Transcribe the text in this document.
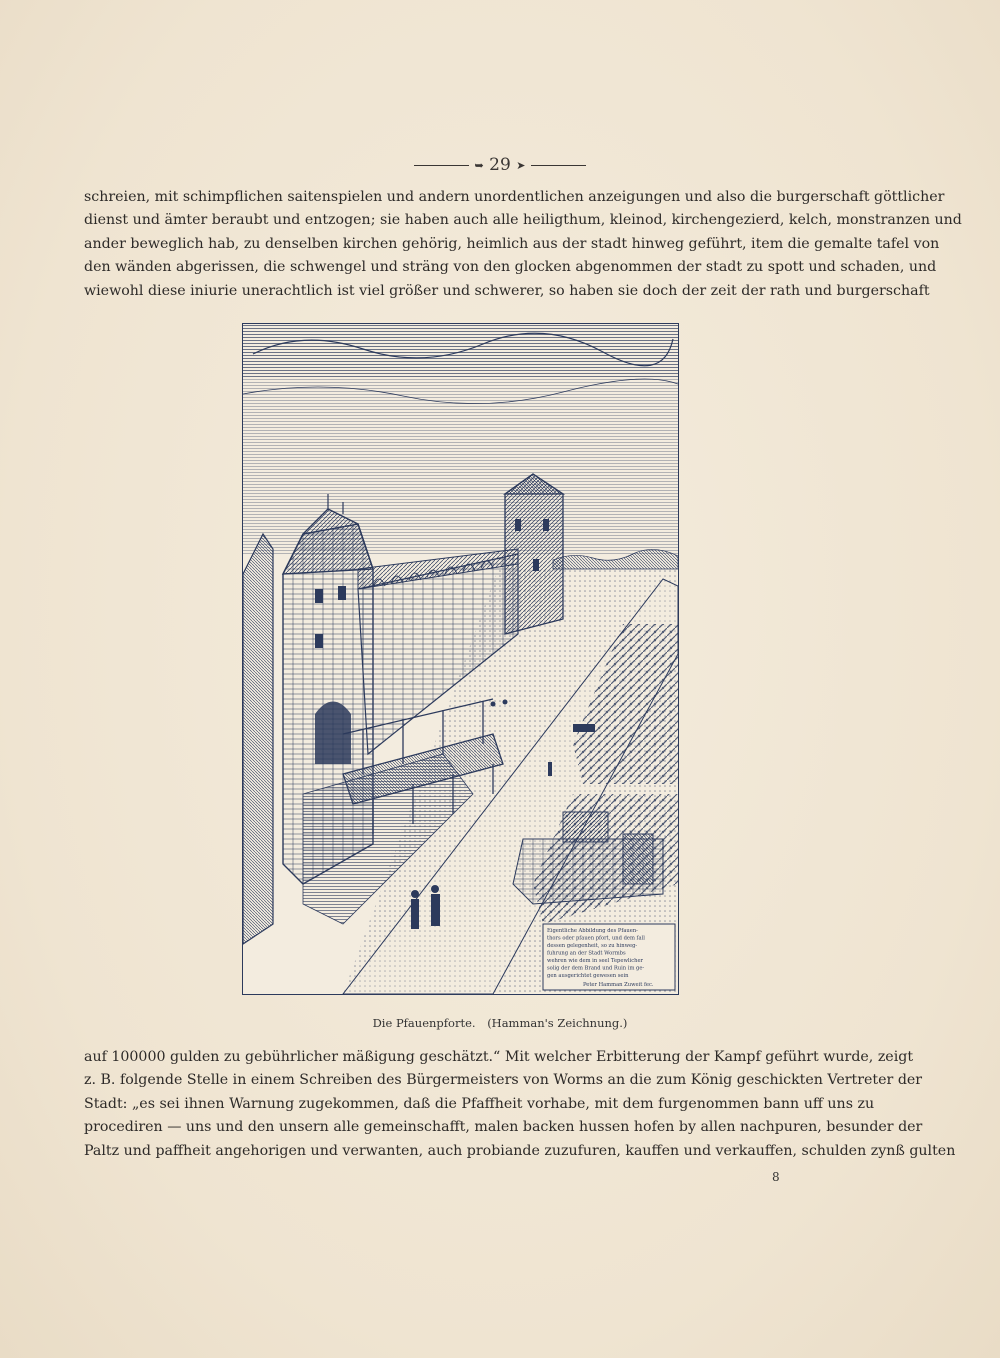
➥ 29 ➤
schreien, mit schimpflichen saitenspielen und andern unordentlichen anzeigungen und also die burgerschaft göttlicher
dienst und ämter beraubt und entzogen; sie haben auch alle heiligthum, kleinod, kirchengezierd, kelch, monstranzen und
ander beweglich hab, zu denselben kirchen gehörig, heimlich aus der stadt hinweg geführt, item die gemalte tafel von
den wänden abgerissen, die schwengel und sträng von den glocken abgenommen der stadt zu spott und schaden, und
wiewohl diese iniurie unerachtlich ist viel größer und schwerer, so haben sie doch der zeit der rath und burgerschaft
Eigentliche Abbildung des Pfauen-
thors oder pfauen pfort, und dem fall
dessen gelegenheit, so zu hinweg-
fuhrung an der Stadt Wormbs
wehren wie dem in seel Tepewlicher
solig der dem Brand und Ruin im ge-
gen ausgerichtet gewesen sein
Peter Hamman Zuweit fec.
Die Pfauenpforte. (Hamman's Zeichnung.)
auf 100000 gulden zu gebührlicher mäßigung geschätzt.“ Mit welcher Erbitterung der Kampf geführt wurde, zeigt
z. B. folgende Stelle in einem Schreiben des Bürgermeisters von Worms an die zum König geschickten Vertreter der
Stadt: „es sei ihnen Warnung zugekommen, daß die Pfaffheit vorhabe, mit dem furgenommen bann uff uns zu
procediren — uns und den unsern alle gemeinschafft, malen backen hussen hofen by allen nachpuren, besunder der
Paltz und paffheit angehorigen und verwanten, auch probiande zuzufuren, kauffen und verkauffen, schulden zynß gulten
8
